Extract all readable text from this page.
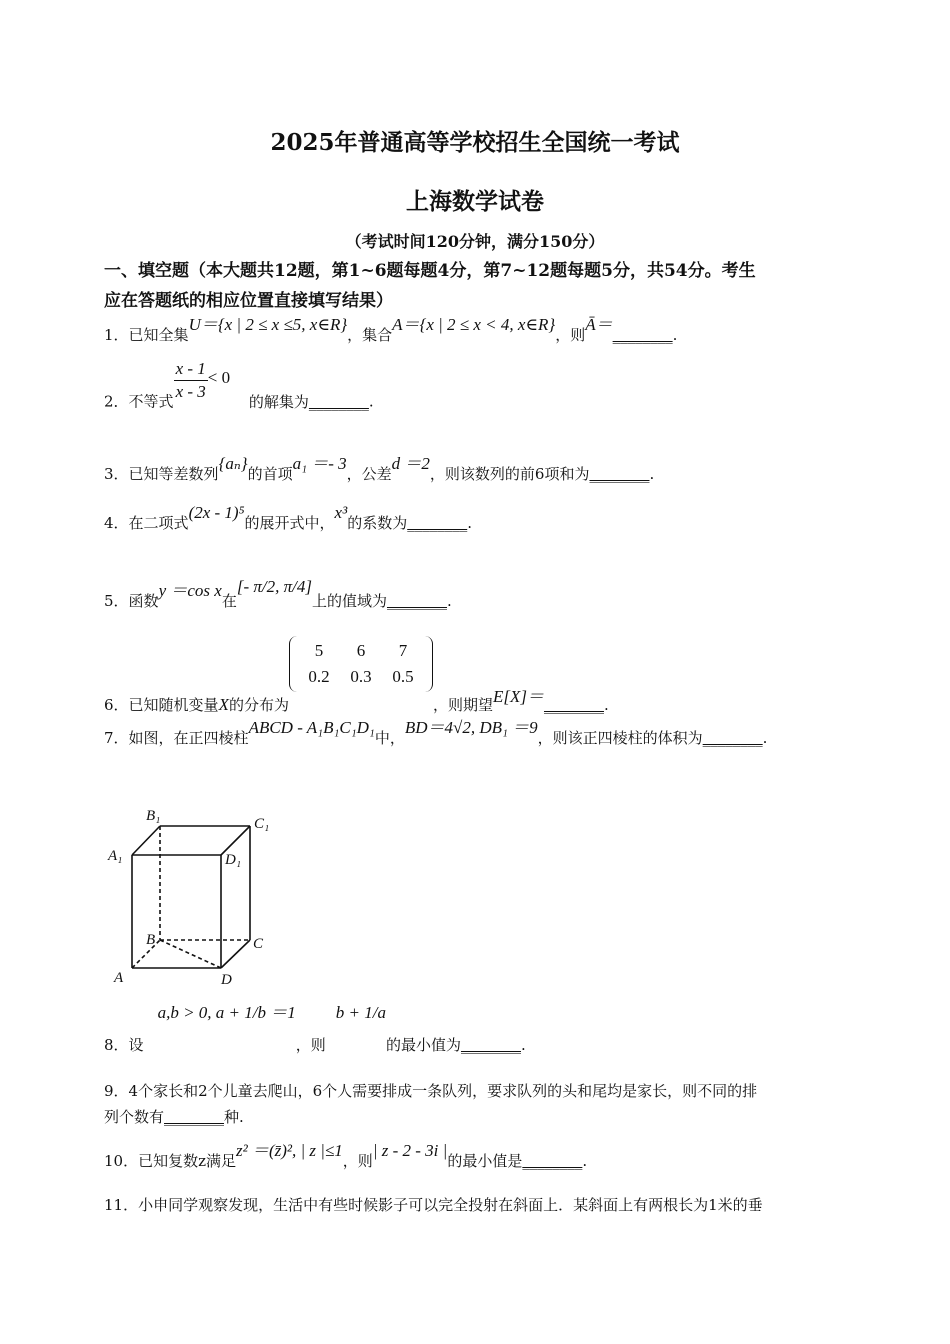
2025年普通高等学校招生全国统一考试
上海数学试卷
（考试时间120分钟，满分150分）
一、填空题（本大题共12题，第1~6题每题4分，第7~12题每题5分，共54分。考生
应在答题纸的相应位置直接填写结果）
1．已知全集U＝{x | 2 ≤ x ≤5, x∈R}，集合A＝{x | 2 ≤ x < 4, x∈R}，则Ā＝________.
2．不等式 $\frac{x - 1}{x - 3} < 0$ 的解集为________.
3．已知等差数列{aₙ}的首项a₁ ＝- 3，公差d ＝2，则该数列的前6项和为________.
4．在二项式(2x - 1)⁵的展开式中，x³的系数为________.
5．函数y ＝cos x在[- π/2, π/4]上的值域为________.
6．已知随机变量X的分布为
5 6 7
0.2 0.3 0.5
，则期望E[X]＝________.
7．如图，在正四棱柱ABCD - A₁B₁C₁D₁中，BD＝4√2, DB₁ ＝9，则该正四棱柱的体积为________.
A
B	C
D
A₁
B₁	C₁
D₁
8．设a,b > 0, a + 1/b ＝1，则b + 1/a的最小值为________.
9．4个家长和2个儿童去爬山，6个人需要排成一条队列，要求队列的头和尾均是家长，则不同的排
列个数有________种.
10．已知复数z满足z² ＝(z̄)², | z |≤1，则| z - 2 - 3i |的最小值是________.
11．小申同学观察发现，生活中有些时候影子可以完全投射在斜面上．某斜面上有两根长为1米的垂
